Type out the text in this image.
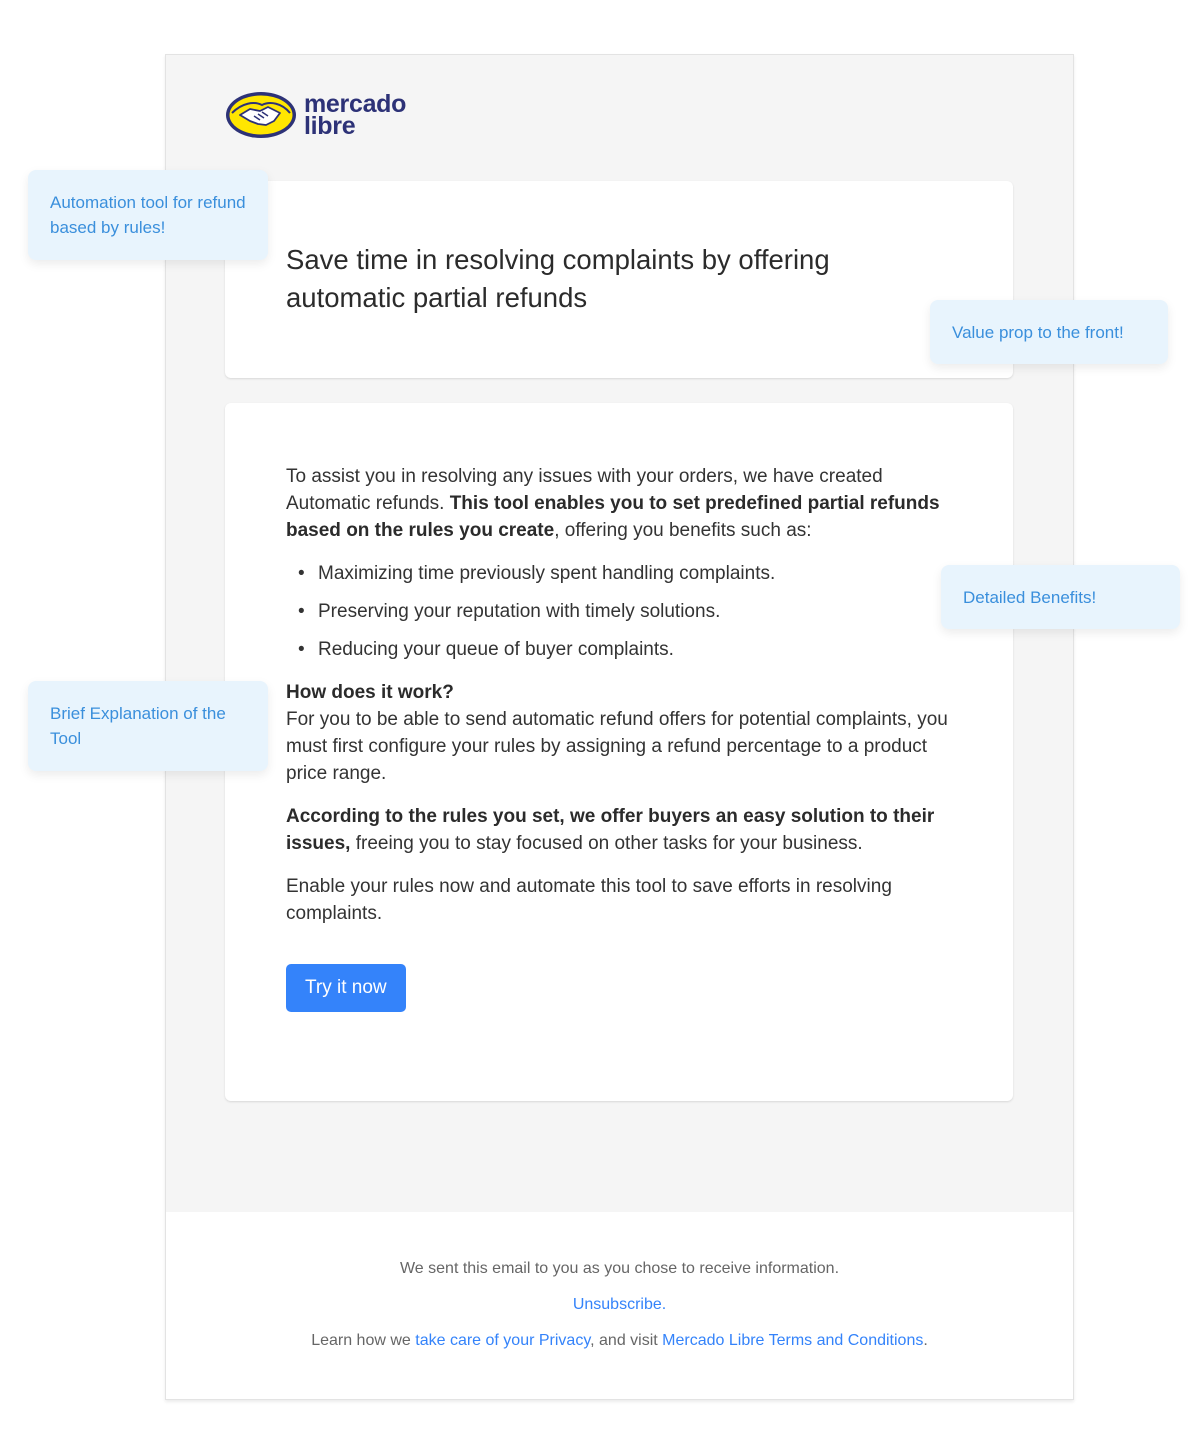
mercado
libre
Save time in resolving complaints by offering automatic partial refunds

To assist you in resolving any issues with your orders, we have created Automatic refunds. This tool enables you to set predefined partial refunds based on the rules you create, offering you benefits such as:

• Maximizing time previously spent handling complaints.
• Preserving your reputation with timely solutions.
• Reducing your queue of buyer complaints.

How does it work?

For you to be able to send automatic refund offers for potential complaints, you must first configure your rules by assigning a refund percentage to a product price range.

According to the rules you set, we offer buyers an easy solution to their issues, freeing you to stay focused on other tasks for your business.

Enable your rules now and automate this tool to save efforts in resolving complaints.

Try it now

We sent this email to you as you chose to receive information.

Unsubscribe.

Learn how we take care of your Privacy, and visit Mercado Libre Terms and Conditions.

Automation tool for refund based by rules!
Value prop to the front!
Detailed Benefits!
Brief Explanation of the Tool
